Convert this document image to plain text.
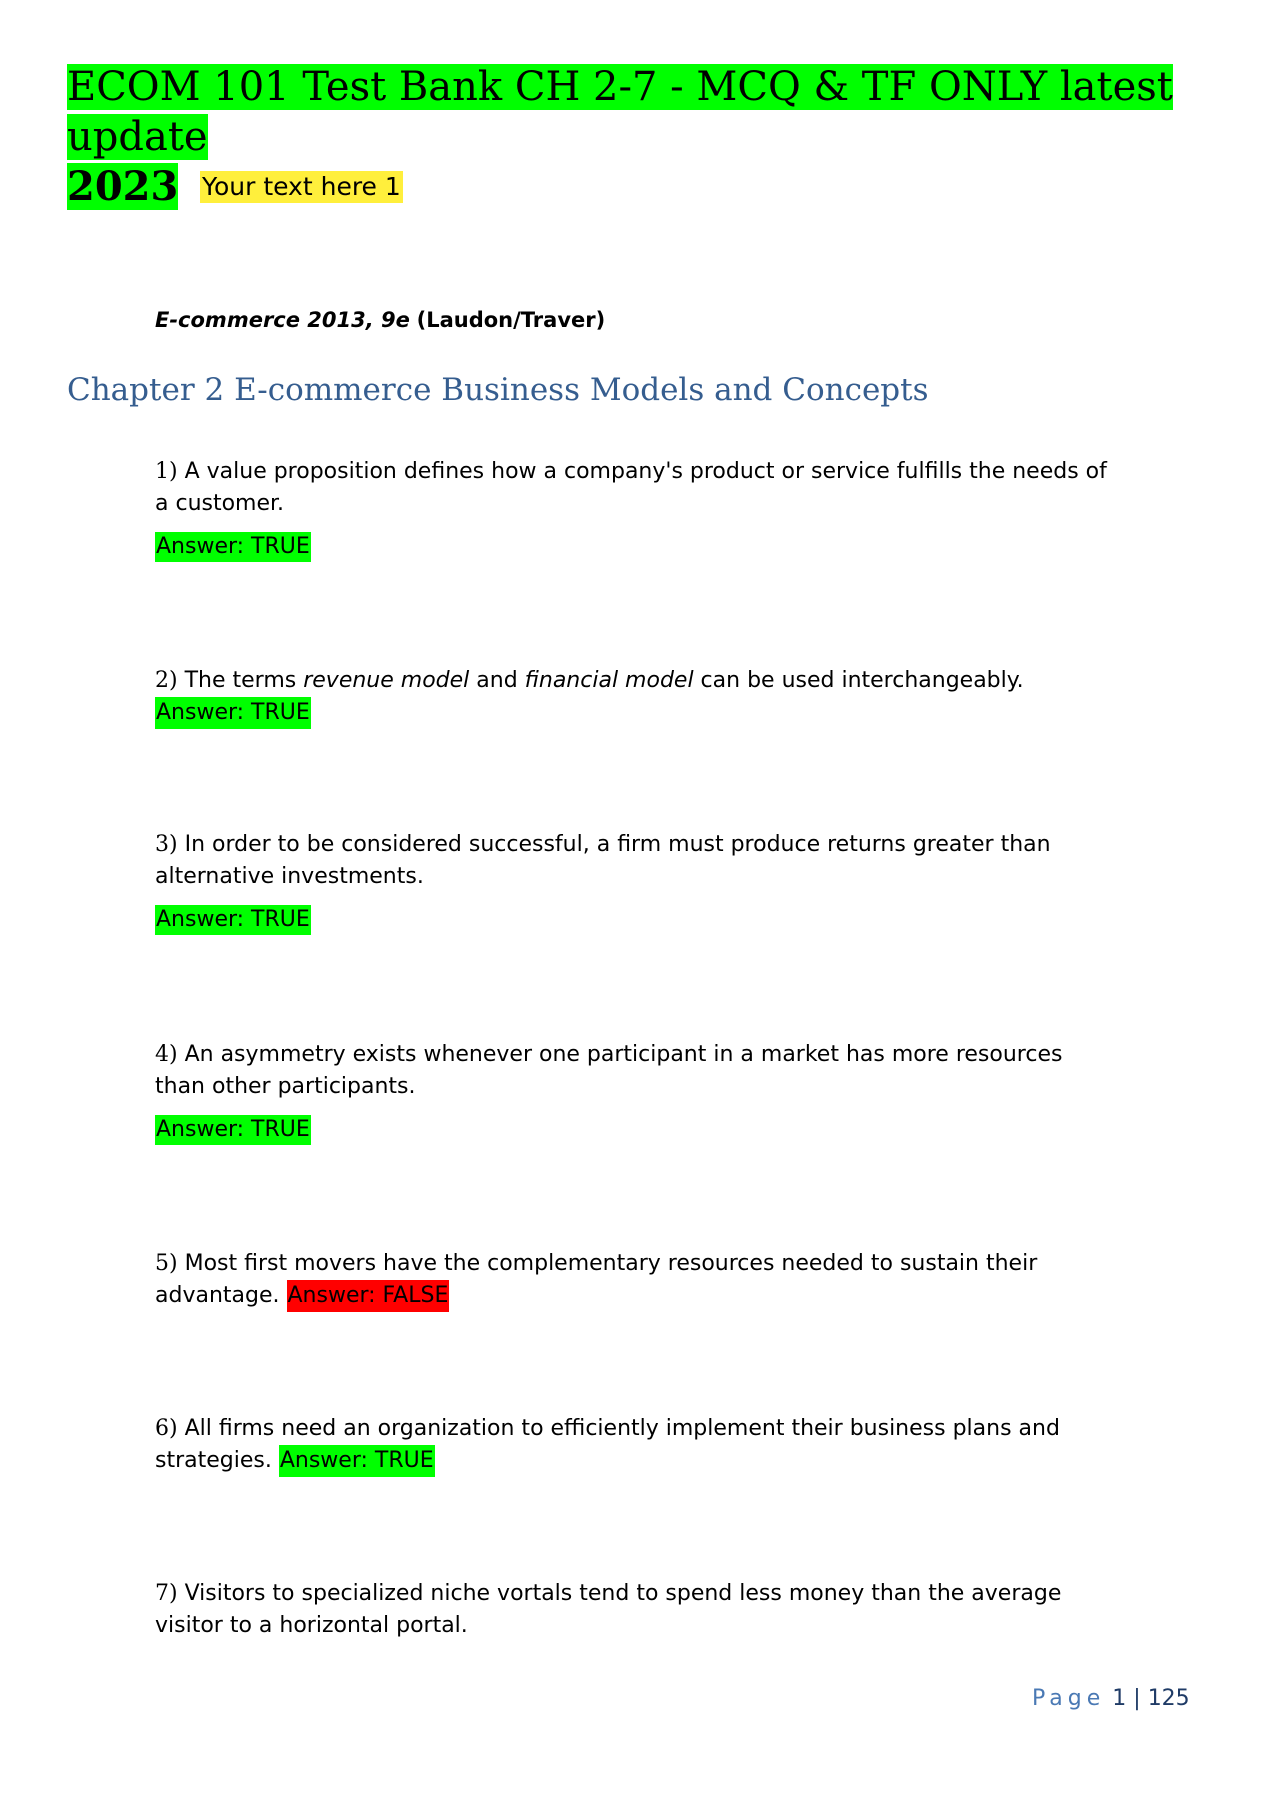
ECOM 101 Test Bank CH 2-7 - MCQ & TF ONLY latest update
2023 Your text here 1
E-commerce 2013, 9e (Laudon/Traver)
Chapter 2 E-commerce Business Models and Concepts
1) A value proposition defines how a company's product or service fulfills the needs of a customer.
Answer: TRUE
2) The terms revenue model and financial model can be used interchangeably. Answer: TRUE
3) In order to be considered successful, a firm must produce returns greater than alternative investments.
Answer: TRUE
4) An asymmetry exists whenever one participant in a market has more resources than other participants.
Answer: TRUE
5) Most first movers have the complementary resources needed to sustain their advantage. Answer: FALSE
6) All firms need an organization to efficiently implement their business plans and strategies. Answer: TRUE
7) Visitors to specialized niche vortals tend to spend less money than the average visitor to a horizontal portal.
Page 1 | 125
